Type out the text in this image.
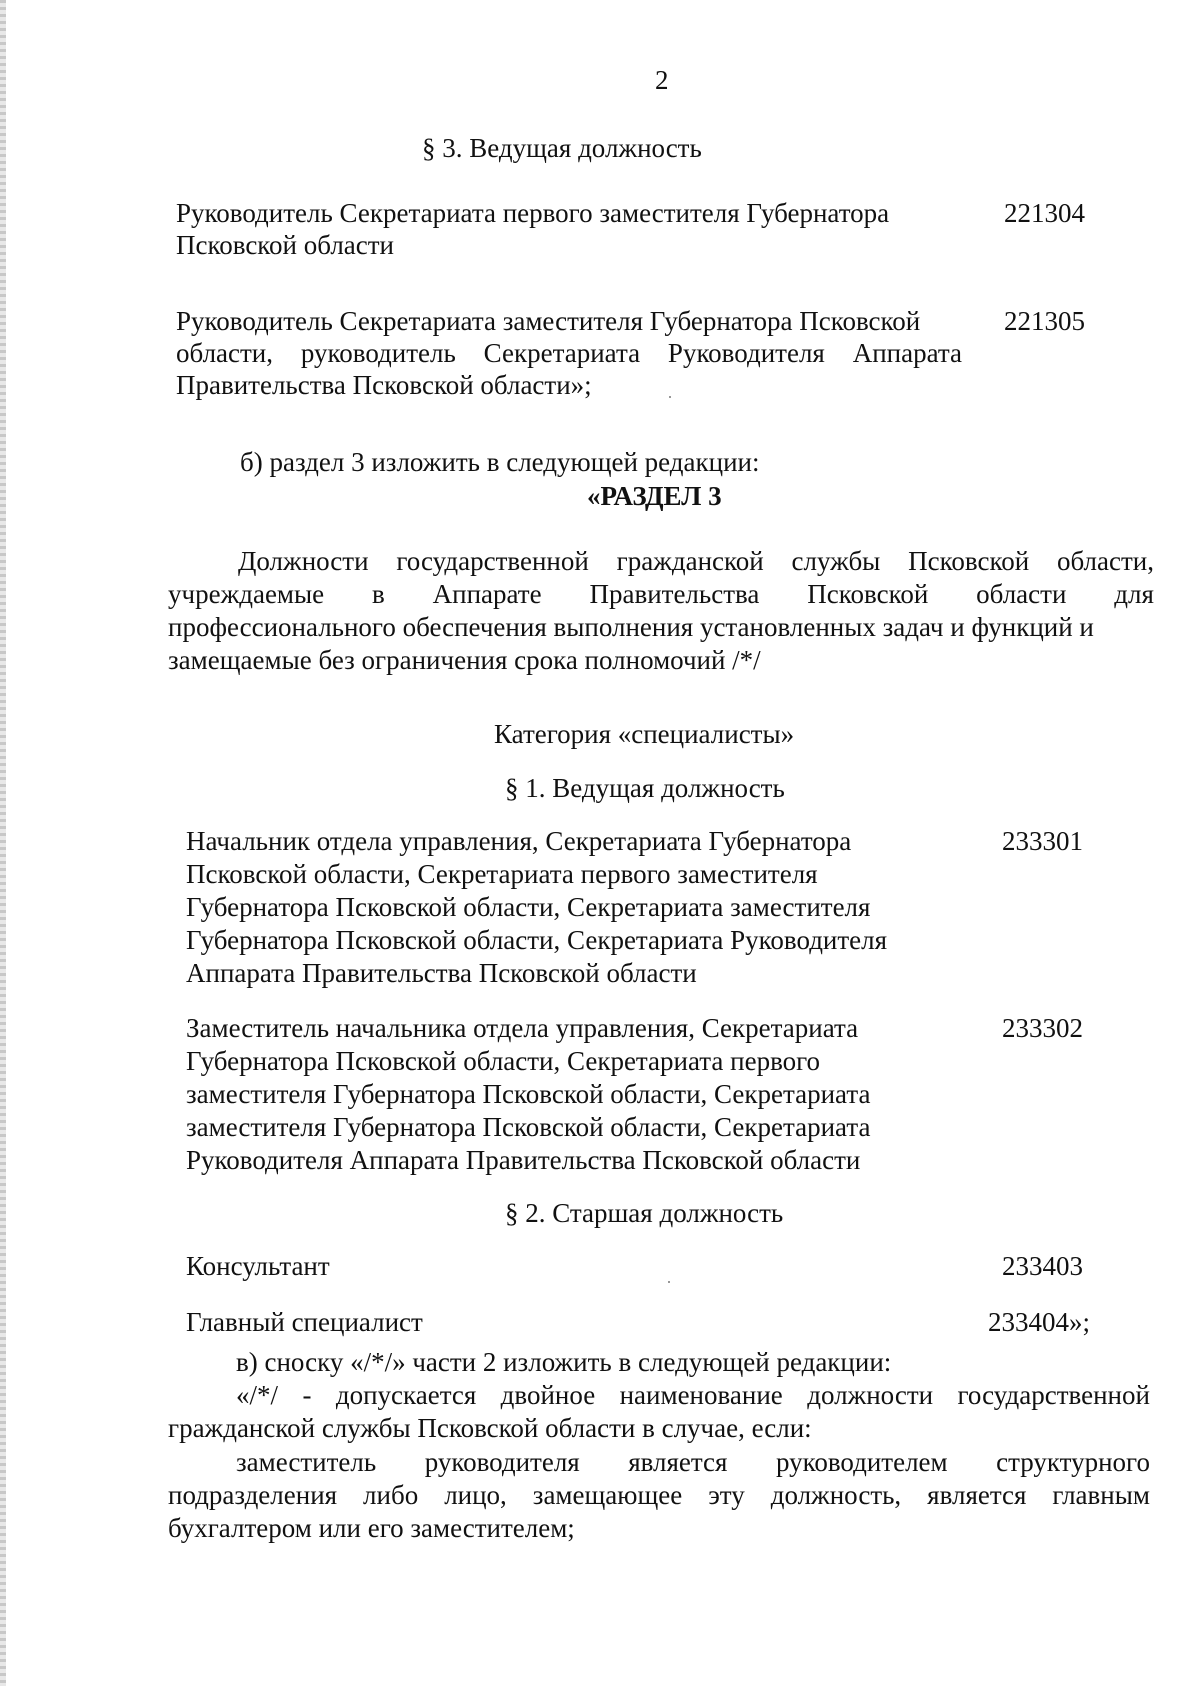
2
§ 3. Ведущая должность
Руководитель Секретариата первого заместителя Губернатора
Псковской области
221304
Руководитель Секретариата заместителя Губернатора Псковской
области, руководитель Секретариата Руководителя Аппарата
Правительства Псковской области»;
221305
б) раздел 3 изложить в следующей редакции:
«РАЗДЕЛ 3
Должности государственной гражданской службы Псковской области,
учреждаемые в Аппарате Правительства Псковской области для
профессионального обеспечения выполнения установленных задач и функций и
замещаемые без ограничения срока полномочий /*/
Категория «специалисты»
§ 1. Ведущая должность
Начальник отдела управления, Секретариата Губернатора
Псковской области, Секретариата первого заместителя
Губернатора Псковской области, Секретариата заместителя
Губернатора Псковской области, Секретариата Руководителя
Аппарата Правительства Псковской области
233301
Заместитель начальника отдела управления, Секретариата
Губернатора Псковской области, Секретариата первого
заместителя Губернатора Псковской области, Секретариата
заместителя Губернатора Псковской области, Секретариата
Руководителя Аппарата Правительства Псковской области
233302
§ 2. Старшая должность
Консультант	233403
Главный специалист	233404»;
в) сноску «/*/» части 2 изложить в следующей редакции:
«/*/ - допускается двойное наименование должности государственной
гражданской службы Псковской области в случае, если:
заместитель руководителя является руководителем структурного
подразделения либо лицо, замещающее эту должность, является главным
бухгалтером или его заместителем;
